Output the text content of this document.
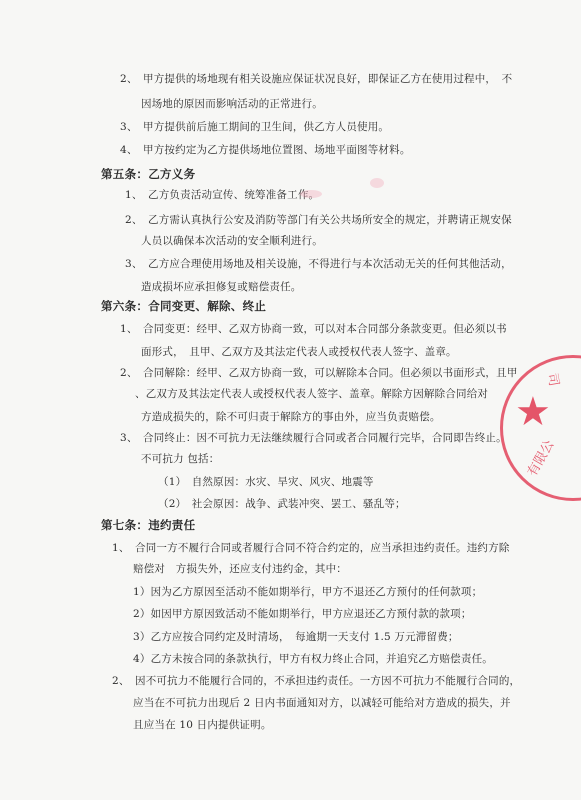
2、　甲方提供的场地现有相关设施应保证状况良好，即保证乙方在使用过程中，　不
因场地的原因而影响活动的正常进行。
3、　甲方提供前后施工期间的卫生间，供乙方人员使用。
4、　甲方按约定为乙方提供场地位置图、场地平面图等材料。
第五条：乙方义务
1、　乙方负责活动宣传、统筹准备工作。
2、　乙方需认真执行公安及消防等部门有关公共场所安全的规定，并聘请正规安保
人员以确保本次活动的安全顺利进行。
3、　乙方应合理使用场地及相关设施，不得进行与本次活动无关的任何其他活动，
造成损坏应承担修复或赔偿责任。
第六条：合同变更、解除、终止
1、　合同变更：经甲、乙双方协商一致，可以对本合同部分条款变更。但必须以书
面形式，　且甲、乙双方及其法定代表人或授权代表人签字、盖章。
2、　合同解除：经甲、乙双方协商一致，可以解除本合同。但必须以书面形式，且甲
、乙双方及其法定代表人或授权代表人签字、盖章。解除方因解除合同给对
方造成损失的，除不可归责于解除方的事由外，应当负责赔偿。
3、　合同终止：因不可抗力无法继续履行合同或者合同履行完毕，合同即告终止。
不可抗力 包括：
（1）　自然原因：水灾、旱灾、风灾、地震等
（2）　社会原因：战争、武装冲突、罢工、骚乱等；
第七条：违约责任
1、　合同一方不履行合同或者履行合同不符合约定的，应当承担违约责任。违约方除
赔偿对　方损失外，还应支付违约金，其中：
1）因为乙方原因至活动不能如期举行，甲方不退还乙方预付的任何款项；
2）如因甲方原因致活动不能如期举行，甲方应退还乙方预付款的款项；
3）乙方应按合同约定及时清场，　每逾期一天支付 1.5 万元滞留费；
4）乙方未按合同的条款执行，甲方有权力终止合同，并追究乙方赔偿责任。
2、　因不可抗力不能履行合同的，不承担违约责任。一方因不可抗力不能履行合同的，
应当在不可抗力出现后 2 日内书面通知对方，以减轻可能给对方造成的损失，并
且应当在 10 日内提供证明。
★
司
有限公
